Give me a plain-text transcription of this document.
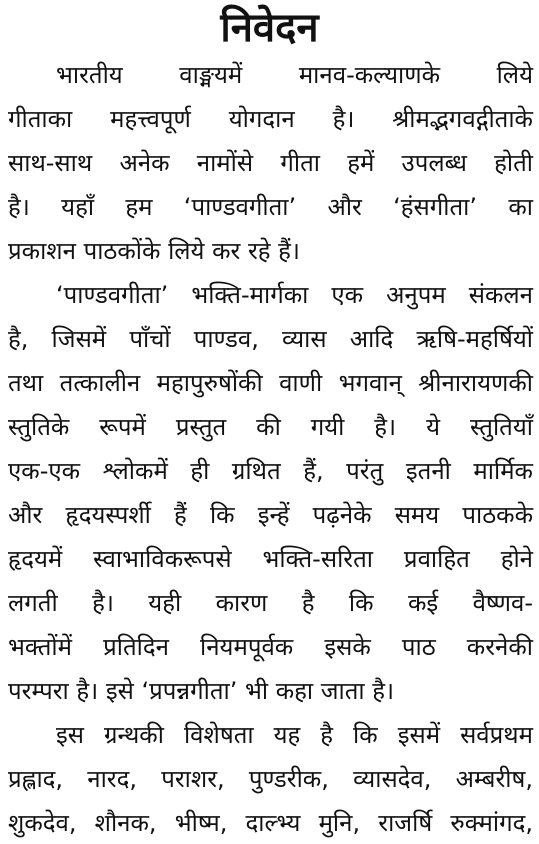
निवेदन
भारतीय वाङ्मयमें मानव-कल्याणके लिये
गीताका महत्त्वपूर्ण योगदान है। श्रीमद्भगवद्गीताके
साथ-साथ अनेक नामोंसे गीता हमें उपलब्ध होती
है। यहाँ हम ‘पाण्डवगीता’ और ‘हंसगीता’ का
प्रकाशन पाठकोंके लिये कर रहे हैं।
‘पाण्डवगीता’ भक्ति-मार्गका एक अनुपम संकलन
है, जिसमें पाँचों पाण्डव, व्यास आदि ऋषि-महर्षियों
तथा तत्कालीन महापुरुषोंकी वाणी भगवान् श्रीनारायणकी
स्तुतिके रूपमें प्रस्तुत की गयी है। ये स्तुतियाँ
एक-एक श्लोकमें ही ग्रथित हैं, परंतु इतनी मार्मिक
और हृदयस्पर्शी हैं कि इन्हें पढ़नेके समय पाठकके
हृदयमें स्वाभाविकरूपसे भक्ति-सरिता प्रवाहित होने
लगती है। यही कारण है कि कई वैष्णव-
भक्तोंमें प्रतिदिन नियमपूर्वक इसके पाठ करनेकी
परम्परा है। इसे ‘प्रपन्नगीता’ भी कहा जाता है।
इस ग्रन्थकी विशेषता यह है कि इसमें सर्वप्रथम
प्रह्लाद, नारद, पराशर, पुण्डरीक, व्यासदेव, अम्बरीष,
शुकदेव, शौनक, भीष्म, दाल्भ्य मुनि, राजर्षि रुक्मांगद,
